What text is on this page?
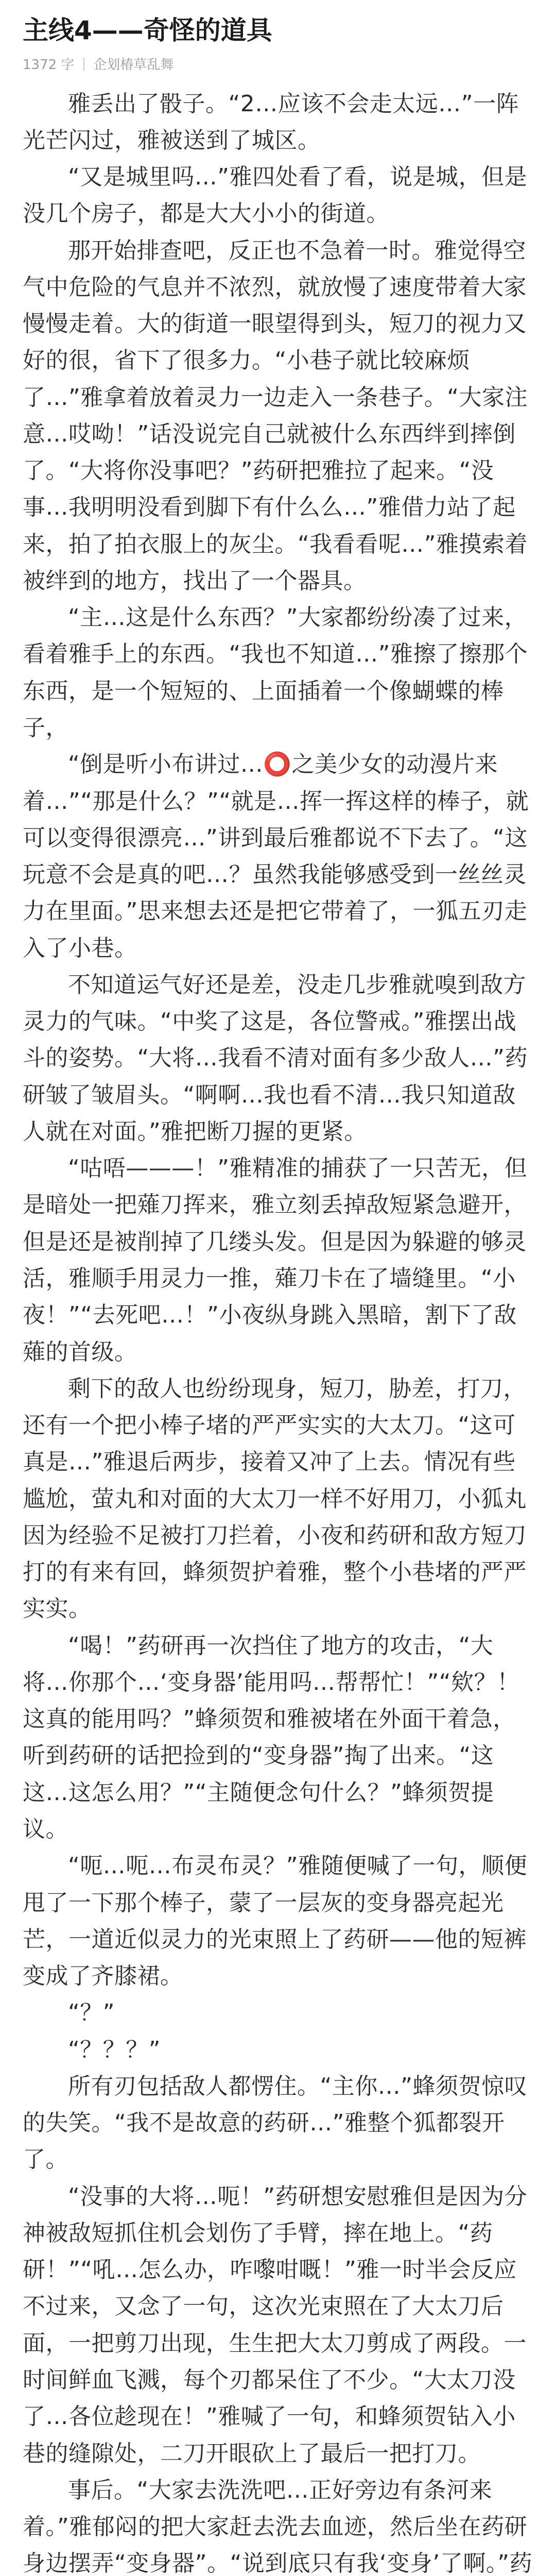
主线4——奇怪的道具
1372 字 | 企划椿草乱舞

雅丢出了骰子。“2…应该不会走太远…”一阵光芒闪过，雅被送到了城区。

“又是城里吗…”雅四处看了看，说是城，但是没几个房子，都是大大小小的街道。

那开始排查吧，反正也不急着一时。雅觉得空气中危险的气息并不浓烈，就放慢了速度带着大家慢慢走着。大的街道一眼望得到头，短刀的视力又好的很，省下了很多力。“小巷子就比较麻烦了…”雅拿着放着灵力一边走入一条巷子。“大家注意…哎呦！”话没说完自己就被什么东西绊到摔倒了。“大将你没事吧？”药研把雅拉了起来。“没事…我明明没看到脚下有什么么…”雅借力站了起来，拍了拍衣服上的灰尘。“我看看呢…”雅摸索着被绊到的地方，找出了一个器具。

“主…这是什么东西？”大家都纷纷凑了过来，看着雅手上的东西。“我也不知道…”雅擦了擦那个东西，是一个短短的、上面插着一个像蝴蝶的棒子，

“倒是听小布讲过…⭕️之美少女的动漫片来着…”“那是什么？”“就是…挥一挥这样的棒子，就可以变得很漂亮…”讲到最后雅都说不下去了。“这玩意不会是真的吧…？虽然我能够感受到一丝丝灵力在里面。”思来想去还是把它带着了，一狐五刃走入了小巷。

不知道运气好还是差，没走几步雅就嗅到敌方灵力的气味。“中奖了这是，各位警戒。”雅摆出战斗的姿势。“大将…我看不清对面有多少敌人…”药研皱了皱眉头。“啊啊…我也看不清…我只知道敌人就在对面。”雅把断刀握的更紧。

“咕唔———！”雅精准的捕获了一只苦无，但是暗处一把薙刀挥来，雅立刻丢掉敌短紧急避开，但是还是被削掉了几缕头发。但是因为躲避的够灵活，雅顺手用灵力一推，薙刀卡在了墙缝里。“小夜！”“去死吧…！”小夜纵身跳入黑暗，割下了敌薙的首级。

剩下的敌人也纷纷现身，短刀，胁差，打刀，还有一个把小棒子堵的严严实实的大太刀。“这可真是…”雅退后两步，接着又冲了上去。情况有些尴尬，萤丸和对面的大太刀一样不好用刀，小狐丸因为经验不足被打刀拦着，小夜和药研和敌方短刀打的有来有回，蜂须贺护着雅，整个小巷堵的严严实实。

“喝！”药研再一次挡住了地方的攻击，“大将…你那个…‘变身器’能用吗…帮帮忙！”“欸？！这真的能用吗？”蜂须贺和雅被堵在外面干着急，听到药研的话把捡到的“变身器”掏了出来。“这这…这怎么用？”“主随便念句什么？”蜂须贺提议。

“呃…呃…布灵布灵？”雅随便喊了一句，顺便甩了一下那个棒子，蒙了一层灰的变身器亮起光芒，一道近似灵力的光束照上了药研——他的短裤变成了齐膝裙。

“？”

“？？？”

所有刃包括敌人都愣住。“主你…”蜂须贺惊叹的失笑。“我不是故意的药研…”雅整个狐都裂开了。

“没事的大将…呃！”药研想安慰雅但是因为分神被敌短抓住机会划伤了手臂，摔在地上。“药研！”“吼…怎么办，咋嚟咁嘅！”雅一时半会反应不过来，又念了一句，这次光束照在了大太刀后面，一把剪刀出现，生生把大太刀剪成了两段。一时间鲜血飞溅，每个刃都呆住了不少。“大太刀没了…各位趁现在！”雅喊了一句，和蜂须贺钻入小巷的缝隙处，二刀开眼砍上了最后一把打刀。

事后。“大家去洗洗吧…正好旁边有条河来着。”雅郁闷的把大家赶去洗去血迹，然后坐在药研身边摆弄“变身器”。“说到底只有我‘变身’了啊。”药
